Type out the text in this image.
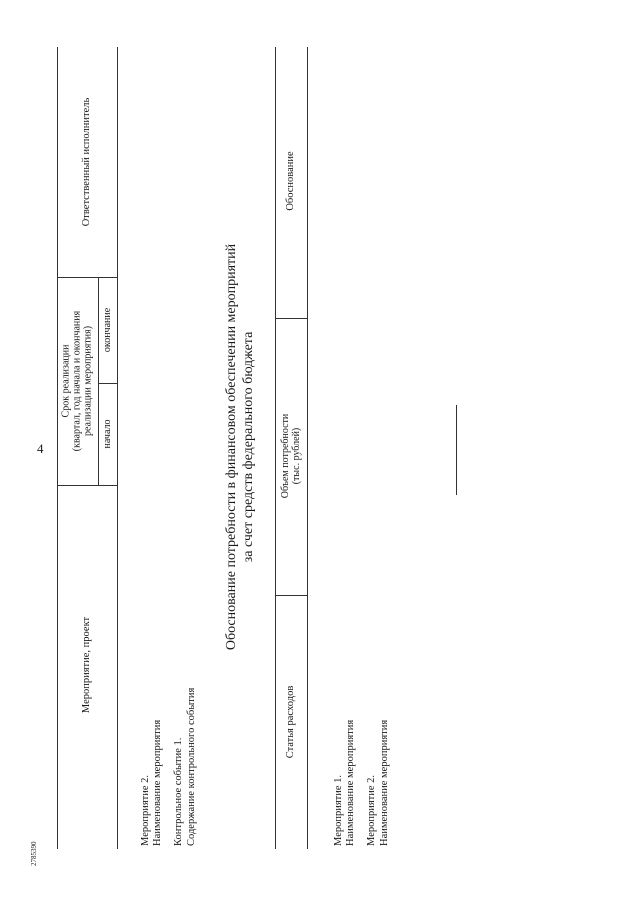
4
Мероприятие, проект
Срок реализации (квартал, год начала и окончания реализации мероприятия) начало
окончание
Ответственный исполнитель
Мероприятие 2. Наименование мероприятия Контрольное событие 1. Содержание контрольного события
Обоснование потребности в финансовом обеспечении мероприятий за счет средств федерального бюджета
Статья расходов
Объем потребности (тыс. рублей)
Обоснование
Мероприятие 1. Наименование мероприятия Мероприятие 2. Наименование мероприятия
2785390
